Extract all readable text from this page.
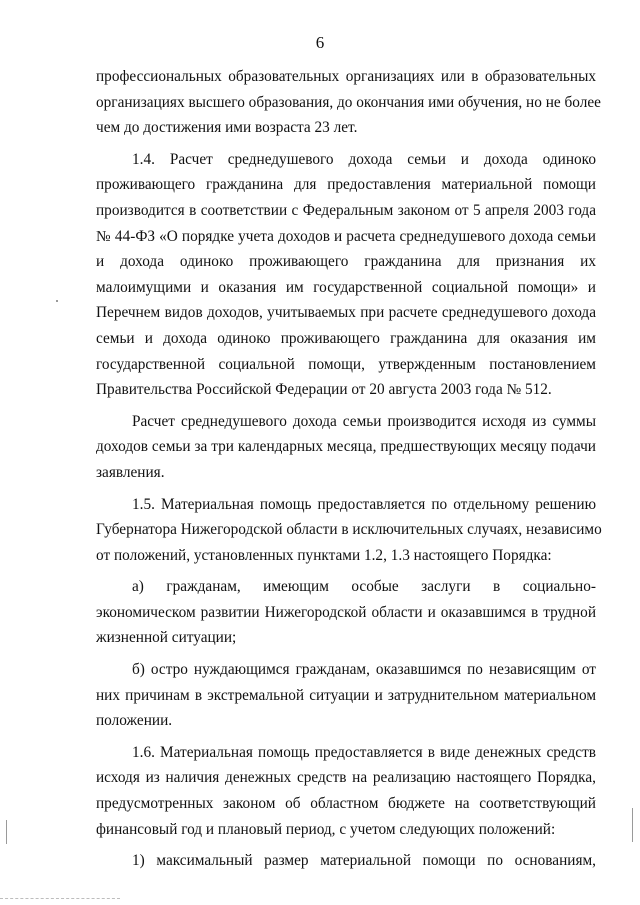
6

профессиональных образовательных организациях или в образовательных
организациях высшего образования, до окончания ими обучения, но не более
чем до достижения ими возраста 23 лет.

1.4. Расчет среднедушевого дохода семьи и дохода одиноко
проживающего гражданина для предоставления материальной помощи
производится в соответствии с Федеральным законом от 5 апреля 2003 года
№ 44-ФЗ «О порядке учета доходов и расчета среднедушевого дохода семьи
и дохода одиноко проживающего гражданина для признания их
малоимущими и оказания им государственной социальной помощи» и
Перечнем видов доходов, учитываемых при расчете среднедушевого дохода
семьи и дохода одиноко проживающего гражданина для оказания им
государственной социальной помощи, утвержденным постановлением
Правительства Российской Федерации от 20 августа 2003 года № 512.

Расчет среднедушевого дохода семьи производится исходя из суммы
доходов семьи за три календарных месяца, предшествующих месяцу подачи
заявления.

1.5. Материальная помощь предоставляется по отдельному решению
Губернатора Нижегородской области в исключительных случаях, независимо
от положений, установленных пунктами 1.2, 1.3 настоящего Порядка:

а) гражданам, имеющим особые заслуги в социально-
экономическом развитии Нижегородской области и оказавшимся в трудной
жизненной ситуации;

б) остро нуждающимся гражданам, оказавшимся по независящим от
них причинам в экстремальной ситуации и затруднительном материальном
положении.

1.6. Материальная помощь предоставляется в виде денежных средств
исходя из наличия денежных средств на реализацию настоящего Порядка,
предусмотренных законом об областном бюджете на соответствующий
финансовый год и плановый период, с учетом следующих положений:

1) максимальный размер материальной помощи по основаниям,
